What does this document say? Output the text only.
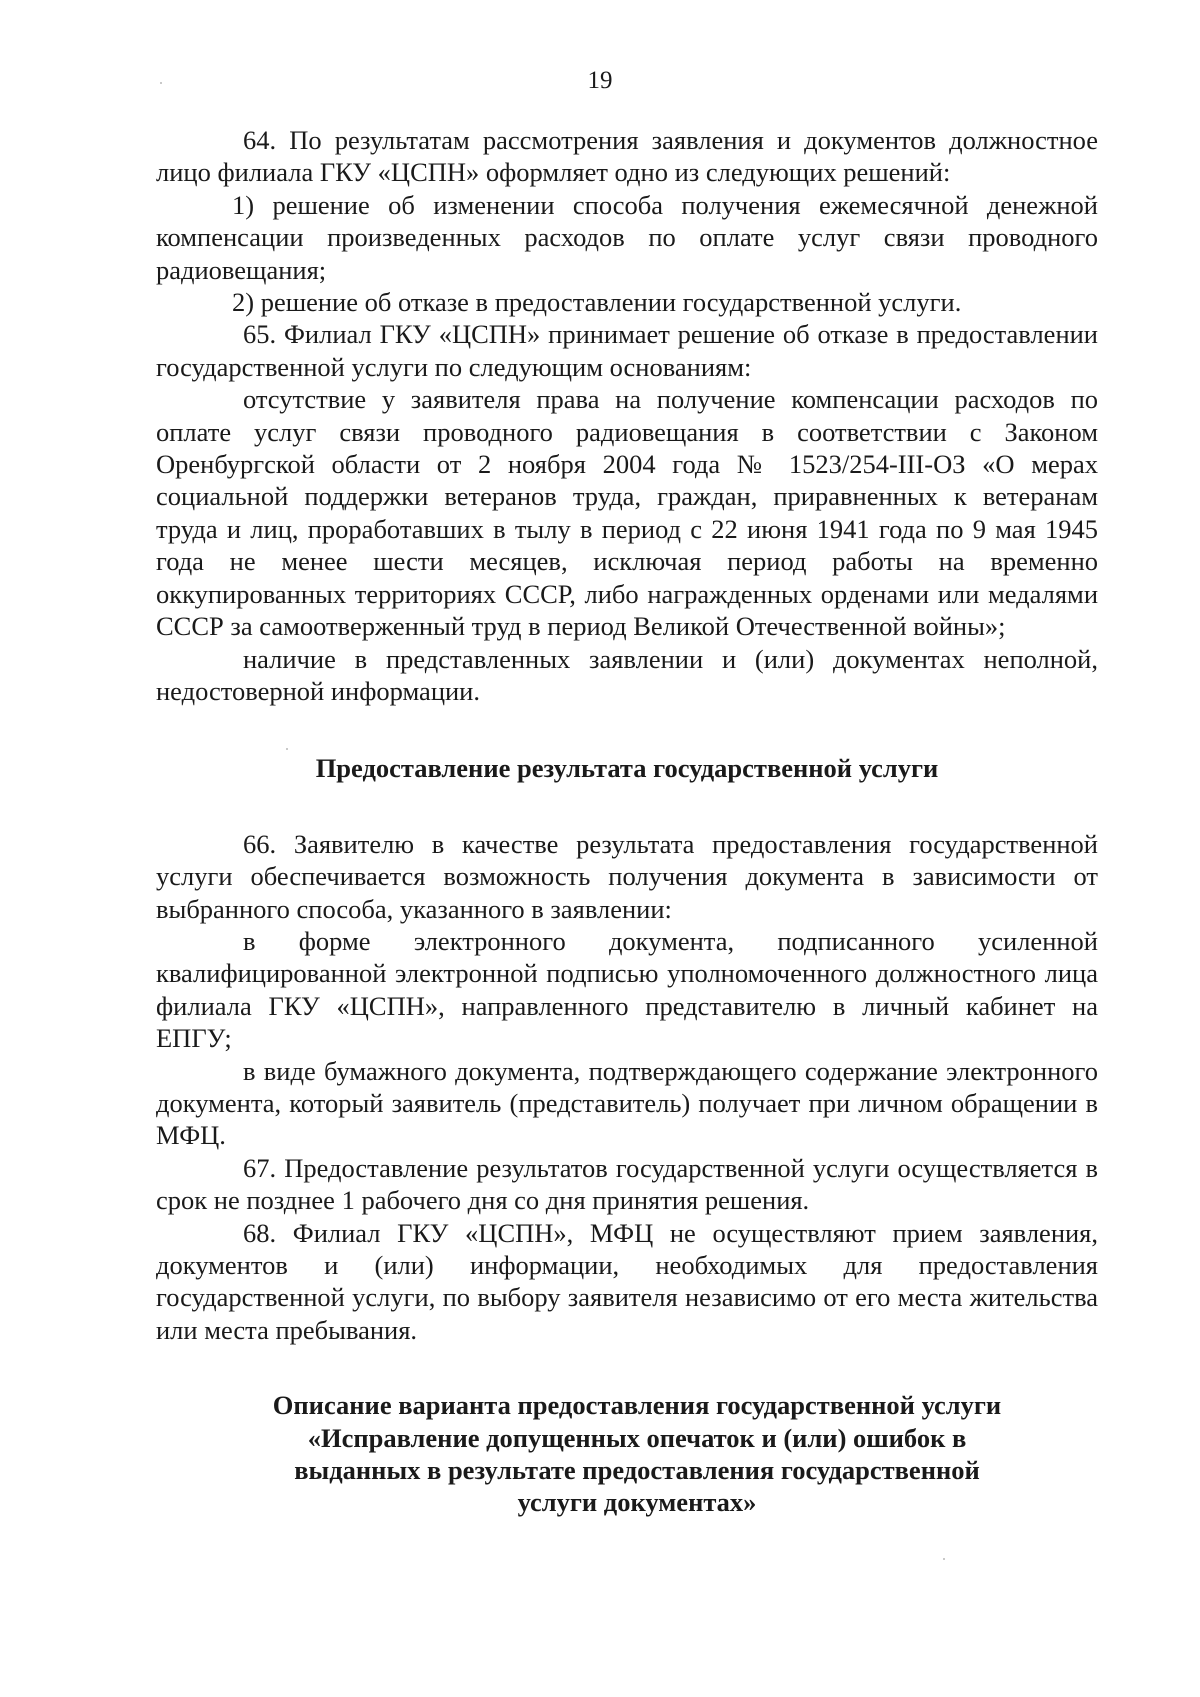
19

64. По результатам рассмотрения заявления и документов должностное лицо филиала ГКУ «ЦСПН» оформляет одно из следующих решений:

1) решение об изменении способа получения ежемесячной денежной компенсации произведенных расходов по оплате услуг связи проводного радиовещания;

2) решение об отказе в предоставлении государственной услуги.

65. Филиал ГКУ «ЦСПН» принимает решение об отказе в предоставлении государственной услуги по следующим основаниям:

отсутствие у заявителя права на получение компенсации расходов по оплате услуг связи проводного радиовещания в соответствии с Законом Оренбургской области от 2 ноября 2004 года № 1523/254-III-ОЗ «О мерах социальной поддержки ветеранов труда, граждан, приравненных к ветеранам труда и лиц, проработавших в тылу в период с 22 июня 1941 года по 9 мая 1945 года не менее шести месяцев, исключая период работы на временно оккупированных территориях СССР, либо награжденных орденами или медалями СССР за самоотверженный труд в период Великой Отечественной войны»;

наличие в представленных заявлении и (или) документах неполной, недостоверной информации.

Предоставление результата государственной услуги

66. Заявителю в качестве результата предоставления государственной услуги обеспечивается возможность получения документа в зависимости от выбранного способа, указанного в заявлении:

в форме электронного документа, подписанного усиленной квалифицированной электронной подписью уполномоченного должностного лица филиала ГКУ «ЦСПН», направленного представителю в личный кабинет на ЕПГУ;

в виде бумажного документа, подтверждающего содержание электронного документа, который заявитель (представитель) получает при личном обращении в МФЦ.

67. Предоставление результатов государственной услуги осуществляется в срок не позднее 1 рабочего дня со дня принятия решения.

68. Филиал ГКУ «ЦСПН», МФЦ не осуществляют прием заявления, документов и (или) информации, необходимых для предоставления государственной услуги, по выбору заявителя независимо от его места жительства или места пребывания.

Описание варианта предоставления государственной услуги
«Исправление допущенных опечаток и (или) ошибок в
выданных в результате предоставления государственной
услуги документах»
